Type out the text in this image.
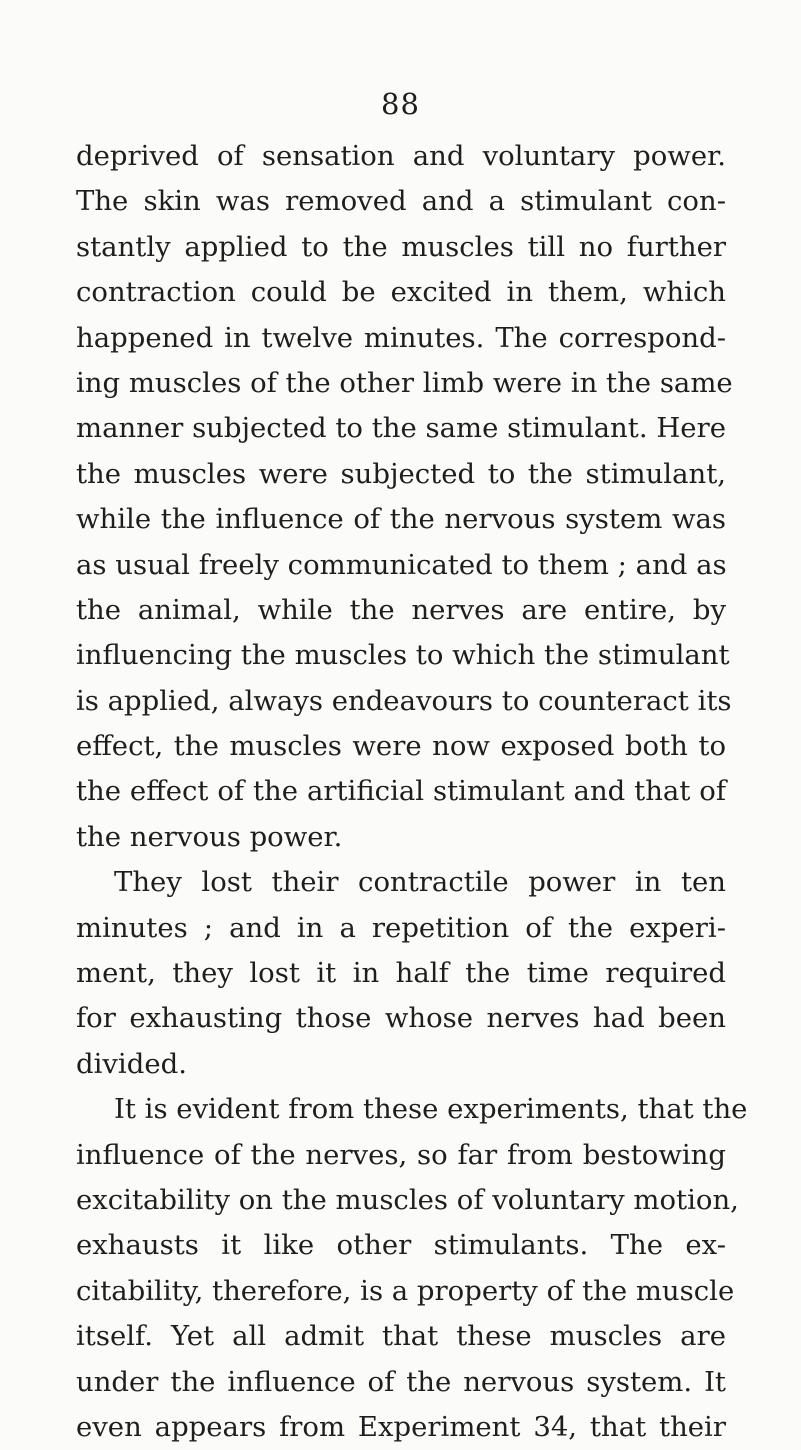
88
deprived of sensation and voluntary power.
The skin was removed and a stimulant con-
stantly applied to the muscles till no further
contraction could be excited in them, which
happened in twelve minutes. The correspond-
ing muscles of the other limb were in the same
manner subjected to the same stimulant. Here
the muscles were subjected to the stimulant,
while the influence of the nervous system was
as usual freely communicated to them ; and as
the animal, while the nerves are entire, by
influencing the muscles to which the stimulant
is applied, always endeavours to counteract its
effect, the muscles were now exposed both to
the effect of the artificial stimulant and that of
the nervous power.
They lost their contractile power in ten
minutes ; and in a repetition of the experi-
ment, they lost it in half the time required
for exhausting those whose nerves had been
divided.
It is evident from these experiments, that the
influence of the nerves, so far from bestowing
excitability on the muscles of voluntary motion,
exhausts it like other stimulants. The ex-
citability, therefore, is a property of the muscle
itself. Yet all admit that these muscles are
under the influence of the nervous system. It
even appears from Experiment 34, that their
